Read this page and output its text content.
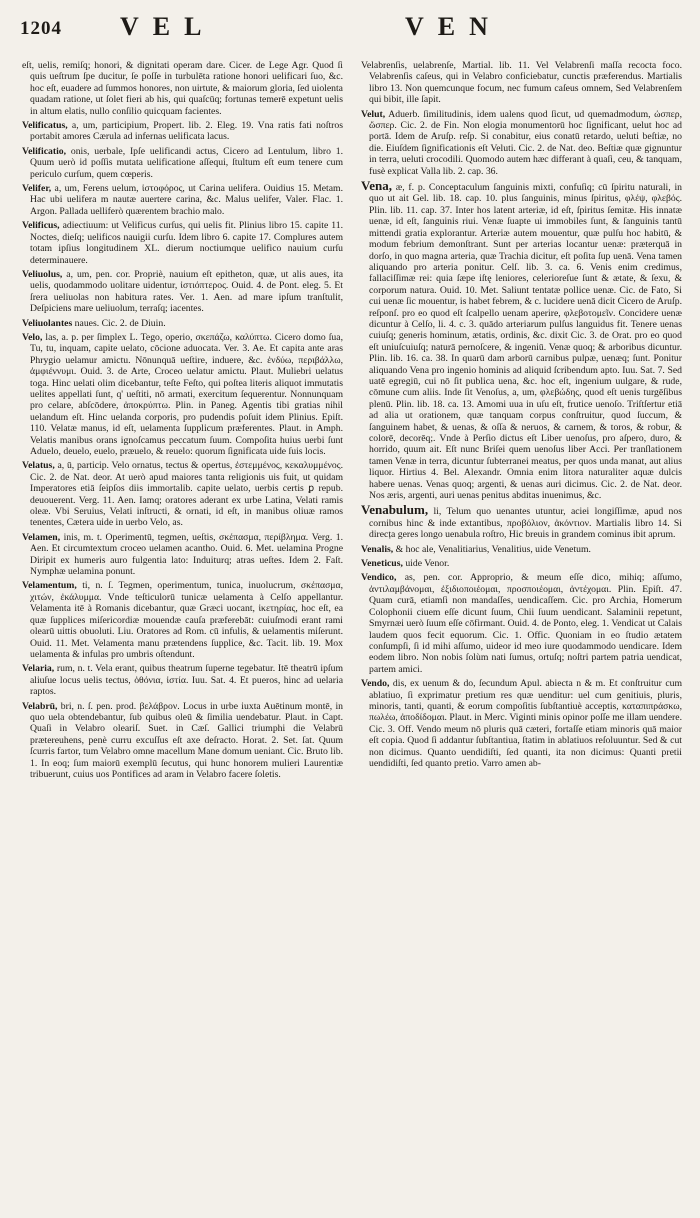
1204 VEL	VEN

eſt, uelis, remiſq; honori, & dignitati operam dare. Cicer. de Lege Agr. Quod ſi quis ueſtrum ſpe ducitur, ſe poſſe in turbulēta ratione honori uelificari ſuo, &c. hoc eſt, euadere ad ſummos honores, non uirtute, & maiorum gloria, ſed uiolenta quadam ratione, ut ſolet fieri ab his, qui quaſcūq; fortunas temerē expetunt uelis in altum elatis, nullo conſilio quicquam facientes.

Velificatus, a, um, participium, Propert. lib. 2. Eleg. 19. Vna ratis fati noſtros portabit amores Cærula ad infernas uelificata lacus.

Velificatio, onis, uerbale, Ipſe uelificandi actus, Cicero ad Lentulum, libro 1. Quum uerò id poſſis mutata uelificatione aſſequi, ſtultum eſt eum tenere cum periculo curſum, quem cœperis.

Velifer, a, um, Ferens uelum, ἱστοφόρος, ut Carina uelifera. Ouidius 15. Metam. Hac ubi uelifera m nautæ auertere carina, &c. Malus uelifer, Valer. Flac. 1. Argon. Pallada uelliferò quærentem brachio malo.

Velificus, adiectiuum: ut Velificus curſus, qui uelis fit. Plinius libro 15. capite 11. Noctes, dieſq; uelificos nauigii curſu. Idem libro 6. capite 17. Complures autem totam ipſius longitudinem XL. dierum noctiumque uelifico nauium curſu determinauere.

Veliuolus, a, um, pen. cor. Propriè, nauium eſt epitheton, quæ, ut alis aues, ita uelis, quodammodo uolitare uidentur, ἱστιόπτερος. Ouid. 4. de Pont. eleg. 5. Et ſrera ueliuolas non habitura rates. Ver. 1. Aen. ad mare ipſum tranſtulit, Deſpiciens mare ueliuolum, terraſq; iacentes.

Veliuolantes naues. Cic. 2. de Diuin.

Velo, las, a. p. per ſimplex L. Tego, operio, σκεπάζω, καλύπτω. Cicero domo ſua, Tu, tu, inquam, capite uelato, cōcione aduocata. Ver. 3. Ae. Et capita ante aras Phrygio uelamur amictu. Nōnunquā ueſtire, induere, &c. ἐνδύω, περιβάλλω, ἀμφιέννυμι. Ouid. 3. de Arte, Croceo uelatur amictu. Plaut. Muliebri uelatus toga. Hinc uelati olim dicebantur, teſte Feſto, qui poſtea literis aliquot immutatis uelites appellati ſunt, q' ueſtiti, nō armati, exercitum ſequerentur. Nonnunquam pro celare, abſcōdere, ἀποκρύπτω. Plin. in Paneg. Agentis tibi gratias nihil uelandum eſt. Hinc uelanda corporis, pro pudendis poſuit idem Plinius. Epiſt. 110. Velatæ manus, id eſt, uelamenta ſupplicum præferentes. Plaut. in Amph. Velatis manibus orans ignoſcamus peccatum ſuum. Compoſita huius uerbi ſunt Aduelo, deuelo, euelo, præuelo, & reuelo: quorum ſignificata uide ſuis locis.

Velatus, a, ū, particip. Velo ornatus, tectus & opertus, ἐστεμμένος, κεκαλυμμένος. Cic. 2. de Nat. deor. At uerò apud maiores tanta religionis uis fuit, ut quidam Imperatores etiā ſeipſos diis immortalib. capite uelato, uerbis certis ꝑ repub. deuouerent. Verg. 11. Aen. Iamq; oratores aderant ex urbe Latina, Velati ramis oleæ. Vbi Seruius, Velati inſtructi, & ornati, id eſt, in manibus oliuæ ramos tenentes, Cætera uide in uerbo Velo, as.

Velamen, inis, m. t. Operimentū, tegmen, ueſtis, σκέπασμα, περίβλημα. Verg. 1. Aen. Et circumtextum croceo uelamen acantho. Ouid. 6. Met. uelamina Progne Diripit ex humeris auro fulgentia lato: Induiturq; atras ueſtes. Idem 2. Faſt. Nymphæ uelamina ponunt.

Velamentum, ti, n. ſ. Tegmen, operimentum, tunica, inuolucrum, σκέπασμα, χιτών, ἐκάλυμμα. Vnde teſticulorū tunicæ uelamenta à Celſo appellantur. Velamenta itē à Romanis dicebantur, quæ Græci uocant, ἱκετηρίας, hoc eſt, ea quæ ſupplices miſericordiæ mouendæ cauſa præferebāt: cuiuſmodi erant rami olearū uittis obuoluti. Liu. Oratores ad Rom. cū infulis, & uelamentis miſerunt. Ouid. 11. Met. Velamenta manu prætendens ſupplice, &c. Tacit. lib. 19. Mox uelamenta & infulas pro umbris oſtendunt.

Velaria, rum, n. t. Vela erant, quibus theatrum ſuperne tegebatur. Itē theatrū ipſum aliuſue locus uelis tectus, ὀθόνια, ἱστία. Iuu. Sat. 4. Et pueros, hinc ad uelaria raptos.

Velabrū, bri, n. ſ. pen. prod. βελάβρον. Locus in urbe iuxta Auētinum montē, in quo uela obtendebantur, ſub quibus oleū & ſimilia uendebatur. Plaut. in Capt. Quaſi in Velabro oleariſ. Suet. in Cæſ. Gallici triumphi die Velabrū prætereuhens, penè curru excuſſus eſt axe deſracto. Horat. 2. Set. ſat. Quum ſcurris fartor, tum Velabro omne macellum Mane domum ueniant. Cic. Bruto lib. 1. In eoq; ſum maiorū exemplū ſecutus, qui hunc honorem mulieri Laurentiæ tribuerunt, cuius uos Pontifices ad aram in Velabro facere ſoletis.

Velabrenſis, uelabrenſe, Martial. lib. 11. Vel Velabrenſi maſſa recocta foco. Velabrenſis caſeus, qui in Velabro conficiebatur, cunctis præferendus. Martialis libro 13. Non quemcunque focum, nec fumum caſeus omnem, Sed Velabrenſem qui bibit, ille ſapit.

Velut, Aduerb. ſimilitudinis, idem ualens quod ſicut, ud quemadmodum, ὡσπερ, ὥσπερ. Cic. 2. de Fin. Non elogia monumentorū hoc ſignificant, uelut hoc ad portā. Idem de Aruſp. reſp. Si conabitur, eius conatū retardo, ueluti beſtiæ, no die. Eiuſdem ſignificationis eſt Veluti. Cic. 2. de Nat. deo. Beſtiæ quæ gignuntur in terra, ueluti crocodili. Quomodo autem hæc differant à quaſi, ceu, & tanquam, fusè explicat Valla lib. 2. cap. 36.

Vena, æ, f. p. Conceptaculum ſanguinis mixti, confuſiq; cū ſpiritu naturali, in quo ut ait Gel. lib. 18. cap. 10. plus ſanguinis, minus ſpiritus, φλέψ, φλεβός. Plin. lib. 11. cap. 37. Inter hos latent arteriæ, id eſt, ſpiritus ſemitæ. His innatæ uenæ, id eſt, ſanguinis riui. Venæ ſuapte ui immobiles ſunt, & ſanguinis tantū mittendi gratia explorantur. Arteriæ autem mouentur, quæ pulſu hoc habitū, & modum febrium demonſtrant. Sunt per arterias locantur uenæ: præterquā in dorſo, in quo magna arteria, quæ Trachia dicitur, eſt poſita ſup uenā. Vena tamen aliquando pro arteria ponitur. Celſ. lib. 3. ca. 6. Venis enim credimus, fallaciſſimæ rei: quia ſæpe iſtę leniores, celerioreſue ſunt & ætate, & ſexu, & corporum natura. Ouid. 10. Met. Saliunt tentatæ pollice uenæ. Cic. de Fato, Si cui uenæ ſic mouentur, is habet febrem, & c. lucidere uenā dicit Cicero de Aruſp. reſponſ. pro eo quod eſt ſcalpello uenam aperire, φλεβοτομεῖν. Concidere uenæ dicuntur à Celſo, li. 4. c. 3. quādo arteriarum pulſus languidus fit. Tenere uenas cuiuſq; generis hominum, ætatis, ordinis, &c. dixit Cic. 3. de Orat. pro eo quod eſt uniuſcuiuſq; naturā pernoſcere, & ingeniū. Venæ quoq; & arboribus dicuntur. Plin. lib. 16. ca. 38. In quarū dam arborū carnibus pulpæ, uenæq; ſunt. Ponitur aliquando Vena pro ingenio hominis ad aliquid ſcribendum apto. Iuu. Sat. 7. Sed uatē egregiū, cui nō ſit publica uena, &c. hoc eſt, ingenium uulgare, & rude, cōmune cum aliis. Inde ſit Venoſus, a, um, φλεβώδης, quod eſt uenis turgēſibus plenū. Plin. lib. 18. ca. 13. Amomi uua in uſu eſt, frutice uenoſo. Triſtſertur etiā ad alia ut orationem, quæ tanquam corpus conſtruitur, quod ſuccum, & ſanguinem habet, & uenas, & oſſa & neruos, & carnem, & toros, & robur, & colorē, decorēq;. Vnde à Perſio dictus eſt Liber uenoſus, pro aſpero, duro, & horrido, quum ait. Eſt nunc Briſei quem uenoſus liber Acci. Per tranſlationem tamen Venæ in terra, dicuntur ſubterranei meatus, per quos unda manat, aut alius liquor. Hirtius 4. Bel. Alexandr. Omnia enim litora naturaliter aquæ dulcis habere uenas. Venas quoq; argenti, & uenas auri dicimus. Cic. 2. de Nat. deor. Nos æris, argenti, auri uenas penitus abditas inuenimus, &c.

Venabulum, li, Telum quo uenantes utuntur, aciei longiſſimæ, apud nos cornibus hinc & inde extantibus, προβόλιον, ἀκόντιον. Martialis libro 14. Si direcța geres longo uenabula roſtro, Hic breuis in grandem cominus ibit aprum.

Venalis, & hoc ale, Venalitiarius, Venalitius, uide Venetum.

Veneticus, uide Venor.

Vendico, as, pen. cor. Approprio, & meum eſſe dico, mihiq; aſſumo, ἀντιλαμβάνομαι, ἐξιδιοποιέομαι, προσποιέομαι, ἀντέχομαι. Plin. Epiſt. 47. Quam curā, etiamſi non mandaſſes, uendicaſſem. Cic. pro Archia, Homerum Colophonii ciuem eſſe dicunt ſuum, Chii ſuum uendicant. Salaminii repetunt, Smyrnæi uerò ſuum eſſe cōfirmant. Ouid. 4. de Ponto, eleg. 1. Vendicat ut Calais laudem quos fecit equorum. Cic. 1. Offic. Quoniam in eo ſtudio ætatem conſumpſi, ſi id mihi aſſumo, uideor id meo iure quodammodo uendicare. Idem eodem libro. Non nobis ſolùm nati ſumus, ortuſq; noſtri partem patria uendicat, partem amici.

Vendo, dis, ex uenum & do, ſecundum Apul. abiecta n & m. Et conſtruitur cum ablatiuo, ſi exprimatur pretium res quæ uenditur: uel cum genitiuis, pluris, minoris, tanti, quanti, & eorum compoſitis ſubſtantiuè acceptis, καταπιπράσκω, πωλέω, ἀποδίδομαι. Plaut. in Merc. Viginti minis opinor poſſe me illam uendere. Cic. 3. Off. Vendo meum nō pluris quā cæteri, fortaſſe etiam minoris quā maior eſt copia. Quod ſi addantur ſubſtantiua, ſtatim in ablatiuos reſoluuntur. Sed & cut non dicimus. Quanto uendidiſti, ſed quanti, ita non dicimus: Quanti pretii uendidiſti, ſed quanto pretio. Varro amen ab-
